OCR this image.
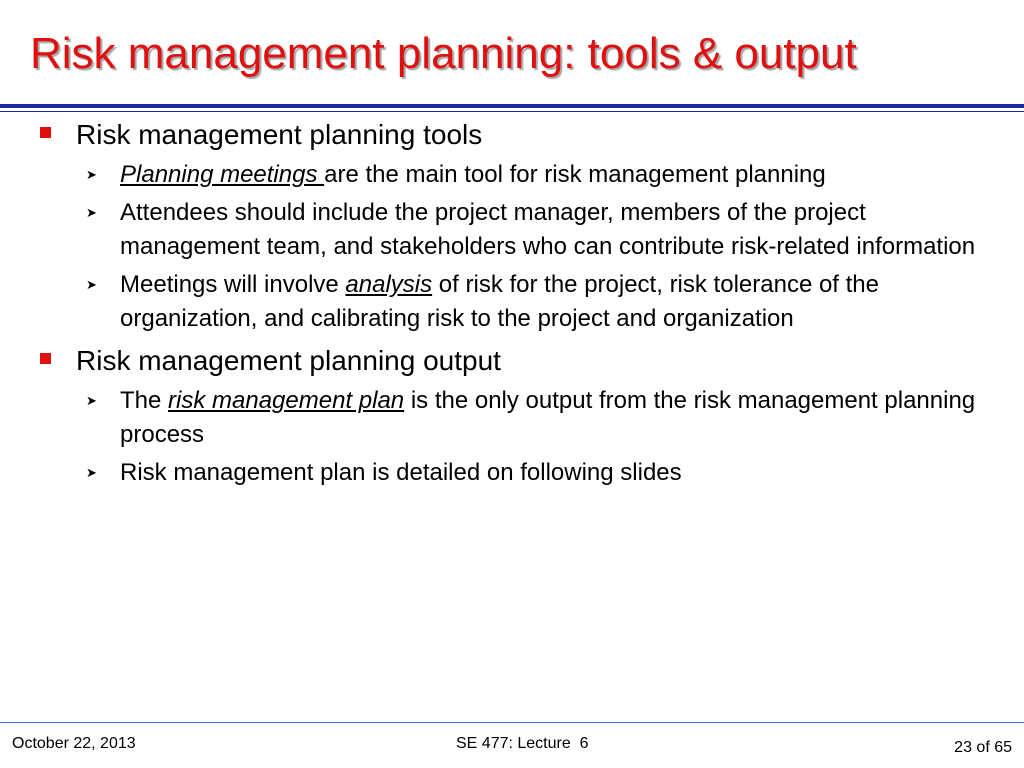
Risk management planning: tools & output
Risk management planning tools
➤ Planning meetings are the main tool for risk management planning
➤ Attendees should include the project manager, members of the project management team, and stakeholders who can contribute risk-related information
➤ Meetings will involve analysis of risk for the project, risk tolerance of the organization, and calibrating risk to the project and organization
Risk management planning output
➤ The risk management plan is the only output from the risk management planning process
➤ Risk management plan is detailed on following slides
October 22, 2013	SE 477: Lecture  6	23 of 65
